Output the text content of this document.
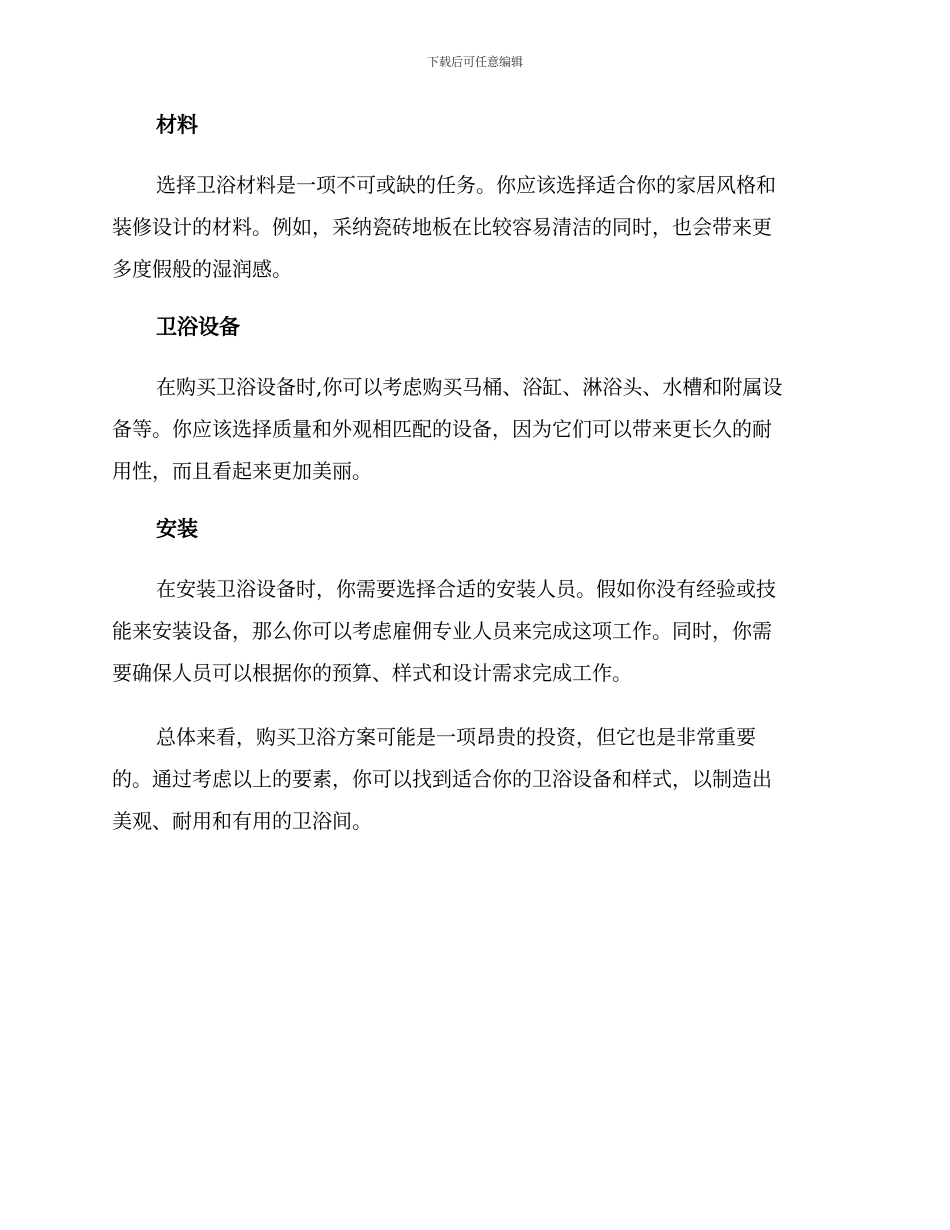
下载后可任意编辑
材料
选择卫浴材料是一项不可或缺的任务。你应该选择适合你的家居风格和
装修设计的材料。例如，采纳瓷砖地板在比较容易清洁的同时，也会带来更
多度假般的湿润感。
卫浴设备
在购买卫浴设备时,你可以考虑购买马桶、浴缸、淋浴头、水槽和附属设
备等。你应该选择质量和外观相匹配的设备，因为它们可以带来更长久的耐
用性，而且看起来更加美丽。
安装
在安装卫浴设备时，你需要选择合适的安装人员。假如你没有经验或技
能来安装设备，那么你可以考虑雇佣专业人员来完成这项工作。同时，你需
要确保人员可以根据你的预算、样式和设计需求完成工作。
总体来看，购买卫浴方案可能是一项昂贵的投资，但它也是非常重要
的。通过考虑以上的要素，你可以找到适合你的卫浴设备和样式，以制造出
美观、耐用和有用的卫浴间。
